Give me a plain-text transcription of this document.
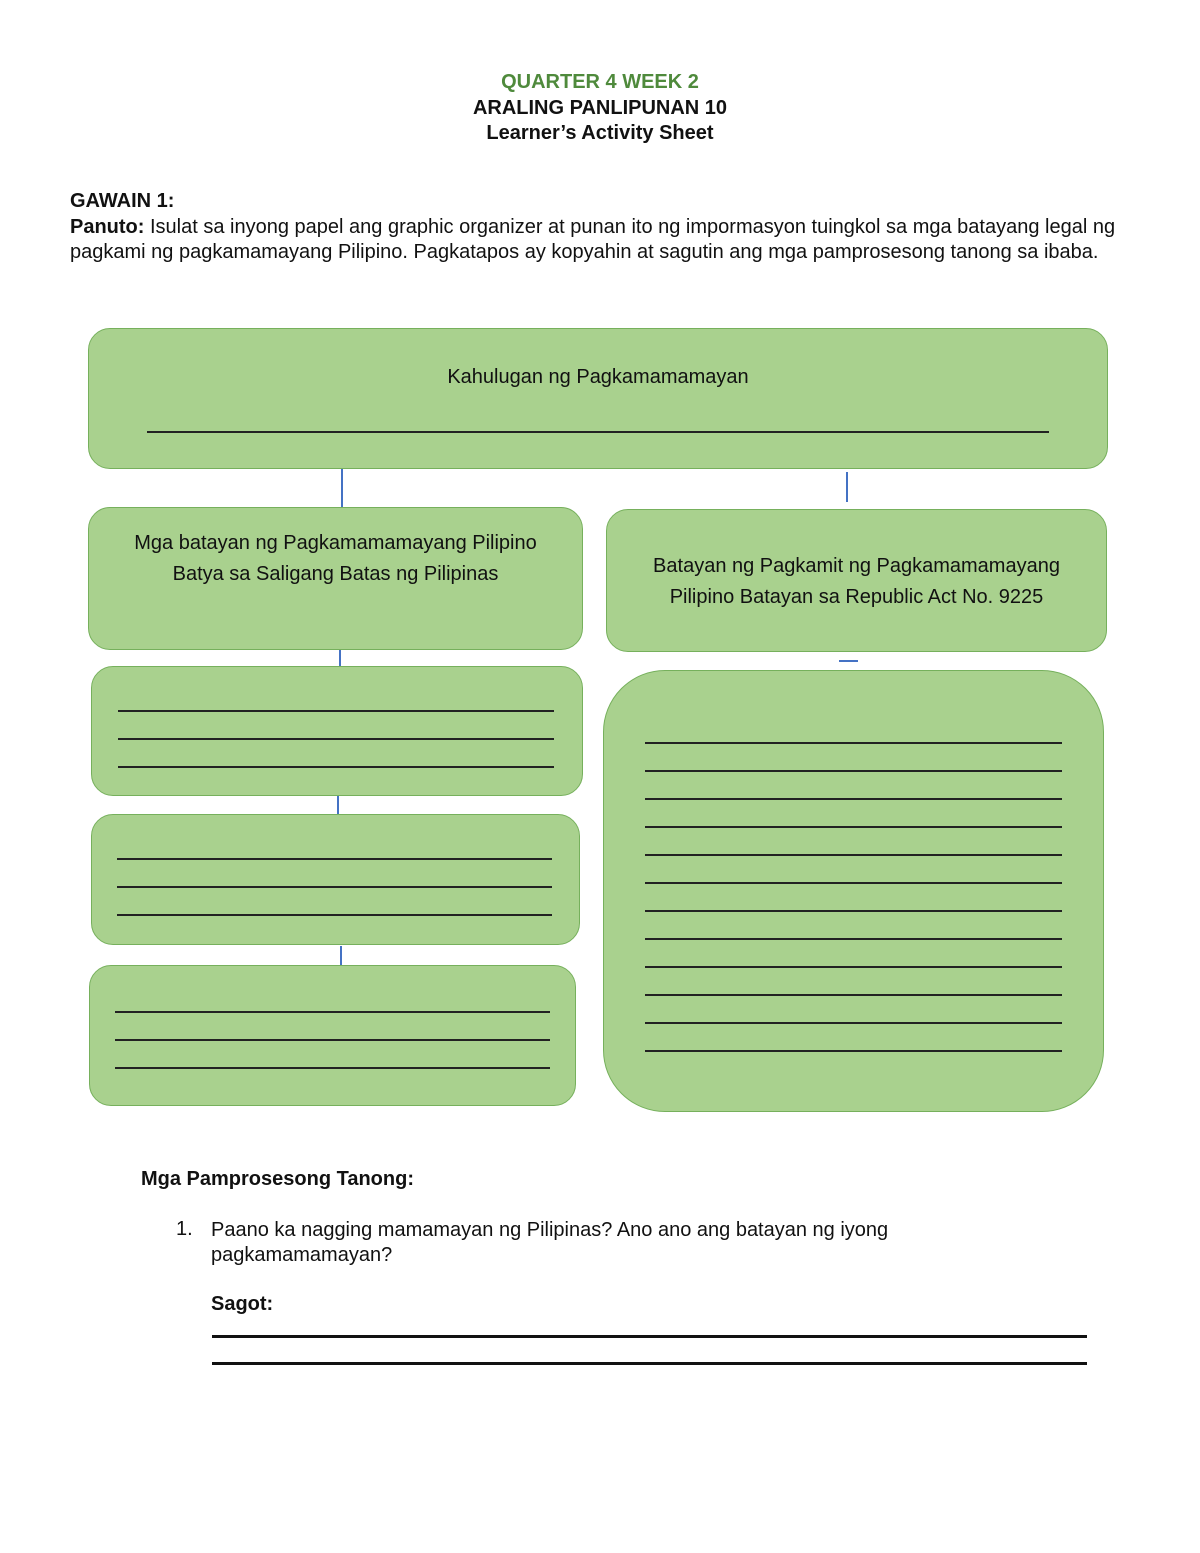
QUARTER 4 WEEK 2
ARALING PANLIPUNAN 10
Learner’s Activity Sheet
GAWAIN 1:
Panuto: Isulat sa inyong papel ang graphic organizer at punan ito ng impormasyon tuingkol sa mga batayang legal ng pagkami ng pagkamamayang Pilipino. Pagkatapos ay kopyahin at sagutin ang mga pamprosesong tanong sa ibaba.
Kahulugan ng Pagkamamamayan
Mga batayan ng Pagkamamamayang Pilipino
Batya sa Saligang Batas ng Pilipinas	Batayan ng Pagkamit ng Pagkamamamayang
Pilipino Batayan sa Republic Act No. 9225
Mga Pamprosesong Tanong:
1. Paano ka nagging mamamayan ng Pilipinas? Ano ano ang batayan ng iyong pagkamamamayan?
Sagot:
